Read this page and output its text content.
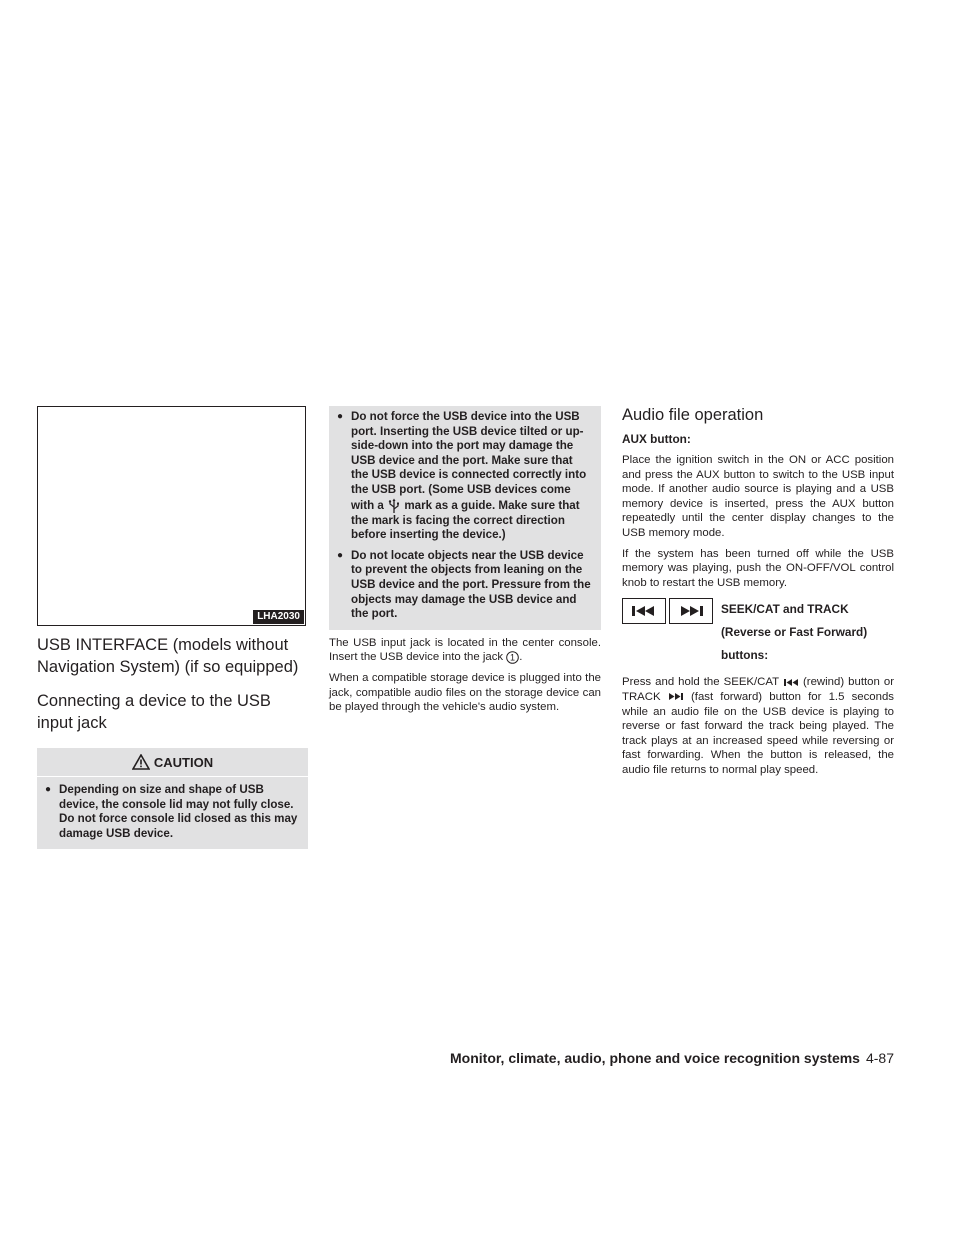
LHA2030
USB INTERFACE (models without Navigation System) (if so equipped)
Connecting a device to the USB input jack
CAUTION
● Depending on size and shape of USB device, the console lid may not fully close. Do not force console lid closed as this may damage USB device.
● Do not force the USB device into the USB port. Inserting the USB device tilted or up-side-down into the port may damage the USB device and the port. Make sure that the USB device is connected correctly into the USB port. (Some USB devices come with a mark as a guide. Make sure that the mark is facing the correct direction before inserting the device.)
● Do not locate objects near the USB device to prevent the objects from leaning on the USB device and the port. Pressure from the objects may damage the USB device and the port.

The USB input jack is located in the center console. Insert the USB device into the jack 1 .

When a compatible storage device is plugged into the jack, compatible audio files on the storage device can be played through the vehicle's audio system.

Audio file operation

AUX button:

Place the ignition switch in the ON or ACC position and press the AUX button to switch to the USB input mode. If another audio source is playing and a USB memory device is inserted, press the AUX button repeatedly until the center display changes to the USB memory mode.

If the system has been turned off while the USB memory was playing, push the ON-OFF/VOL control knob to restart the USB memory.

SEEK/CAT and TRACK
(Reverse or Fast Forward)
buttons:

Press and hold the SEEK/CAT (rewind) button or TRACK	(fast forward) button for 1.5 seconds while an audio file on the USB device is playing to reverse or fast forward the track being played. The track plays at an increased speed while reversing or fast forwarding. When the button is released, the audio file returns to normal play speed.

Monitor, climate, audio, phone and voice recognition systems 4-87
